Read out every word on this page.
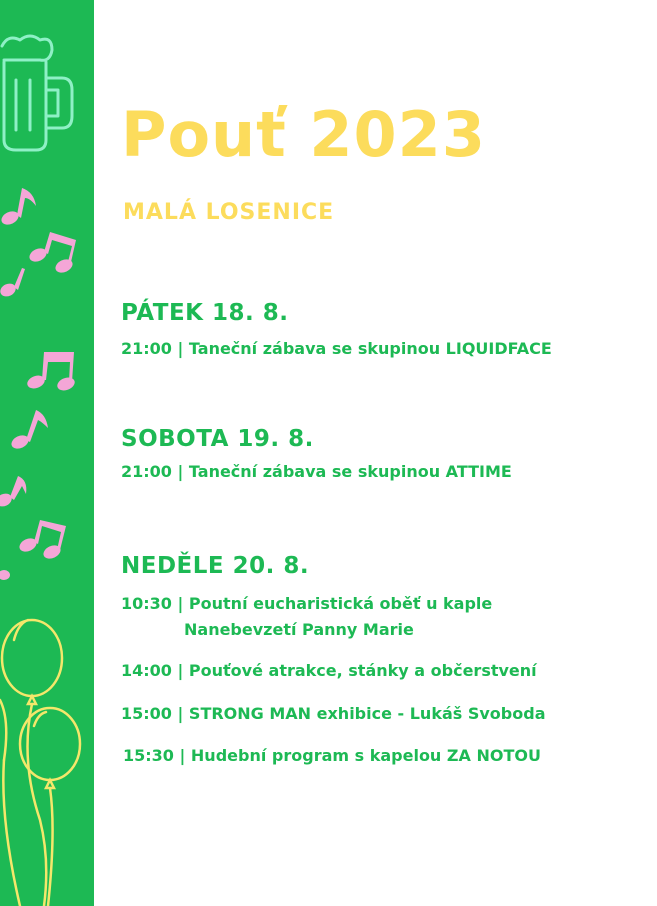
Pouť 2023
MALÁ LOSENICE
PÁTEK 18. 8.
21:00 | Taneční zábava se skupinou LIQUIDFACE
SOBOTA 19. 8.
21:00 | Taneční zábava se skupinou ATTIME
NEDĚLE 20. 8.
10:30 | Poutní eucharistická oběť u kaple
Nanebevzetí Panny Marie
14:00 | Pouťové atrakce, stánky a občerstvení
15:00 | STRONG MAN exhibice - Lukáš Svoboda
15:30 | Hudební program s kapelou ZA NOTOU
